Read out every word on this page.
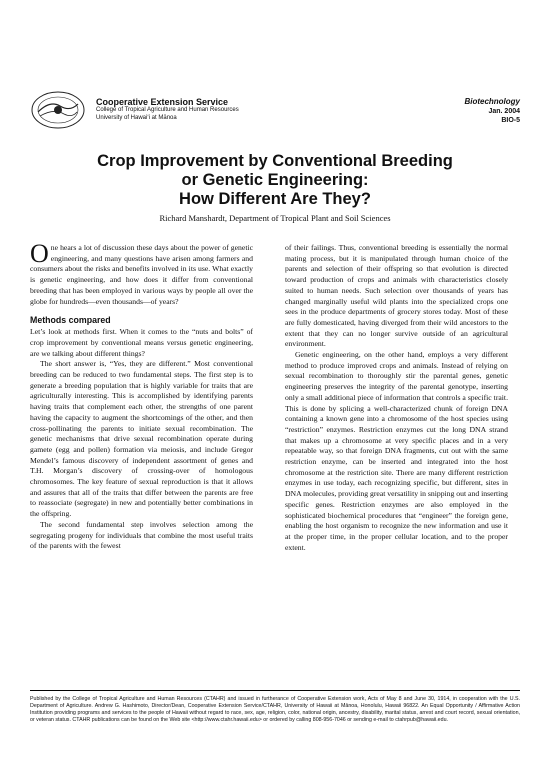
Cooperative Extension Service
College of Tropical Agriculture and Human Resources
University of Hawai‘i at Mānoa
Biotechnology
Jan. 2004
BIO-5
Crop Improvement by Conventional Breeding
or Genetic Engineering:
How Different Are They?
Richard Manshardt, Department of Tropical Plant and Soil Sciences

One hears a lot of discussion these days about the power of genetic engineering, and many questions have arisen among farmers and consumers about the risks and benefits involved in its use. What exactly is genetic engineering, and how does it differ from conventional breeding that has been employed in various ways by people all over the globe for hundreds—even thousands—of years?

Methods compared

Let’s look at methods first. When it comes to the “nuts and bolts” of crop improvement by conventional means versus genetic engineering, are we talking about different things?

The short answer is, “Yes, they are different.” Most conventional breeding can be reduced to two fundamental steps. The first step is to generate a breeding population that is highly variable for traits that are agriculturally interesting. This is accomplished by identifying parents having traits that complement each other, the strengths of one parent having the capacity to augment the shortcomings of the other, and then cross-pollinating the parents to initiate sexual recombination. The genetic mechanisms that drive sexual recombination operate during gamete (egg and pollen) formation via meiosis, and include Gregor Mendel’s famous discovery of independent assortment of genes and T.H. Morgan’s discovery of crossing-over of homologous chromosomes. The key feature of sexual reproduction is that it allows and assures that all of the traits that differ between the parents are free to reassociate (segregate) in new and potentially better combinations in the offspring.

The second fundamental step involves selection among the segregating progeny for individuals that combine the most useful traits of the parents with the fewest

of their failings. Thus, conventional breeding is essentially the normal mating process, but it is manipulated through human choice of the parents and selection of their offspring so that evolution is directed toward production of crops and animals with characteristics closely suited to human needs. Such selection over thousands of years has changed marginally useful wild plants into the specialized crops one sees in the produce departments of grocery stores today. Most of these are fully domesticated, having diverged from their wild ancestors to the extent that they can no longer survive outside of an agricultural environment.

Genetic engineering, on the other hand, employs a very different method to produce improved crops and animals. Instead of relying on sexual recombination to thoroughly stir the parental genes, genetic engineering preserves the integrity of the parental genotype, inserting only a small additional piece of information that controls a specific trait. This is done by splicing a well-characterized chunk of foreign DNA containing a known gene into a chromosome of the host species using “restriction” enzymes. Restriction enzymes cut the long DNA strand that makes up a chromosome at very specific places and in a very repeatable way, so that foreign DNA fragments, cut out with the same restriction enzyme, can be inserted and integrated into the host chromosome at the restriction site. There are many different restriction enzymes in use today, each recognizing specific, but different, sites in DNA molecules, providing great versatility in snipping out and inserting specific genes. Restriction enzymes are also employed in the sophisticated biochemical procedures that “engineer” the foreign gene, enabling the host organism to recognize the new information and use it at the proper time, in the proper cellular location, and to the proper extent.

Published by the College of Tropical Agriculture and Human Resources (CTAHR) and issued in furtherance of Cooperative Extension work, Acts of May 8 and June 30, 1914, in cooperation with the U.S. Department of Agriculture. Andrew G. Hashimoto, Director/Dean, Cooperative Extension Service/CTAHR, University of Hawaii at Mānoa, Honolulu, Hawaii 96822. An Equal Opportunity / Affirmative Action Institution providing programs and services to the people of Hawaii without regard to race, sex, age, religion, color, national origin, ancestry, disability, marital status, arrest and court record, sexual orientation, or veteran status. CTAHR publications can be found on the Web site <http://www.ctahr.hawaii.edu> or ordered by calling 808-956-7046 or sending e-mail to ctahrpub@hawaii.edu.
